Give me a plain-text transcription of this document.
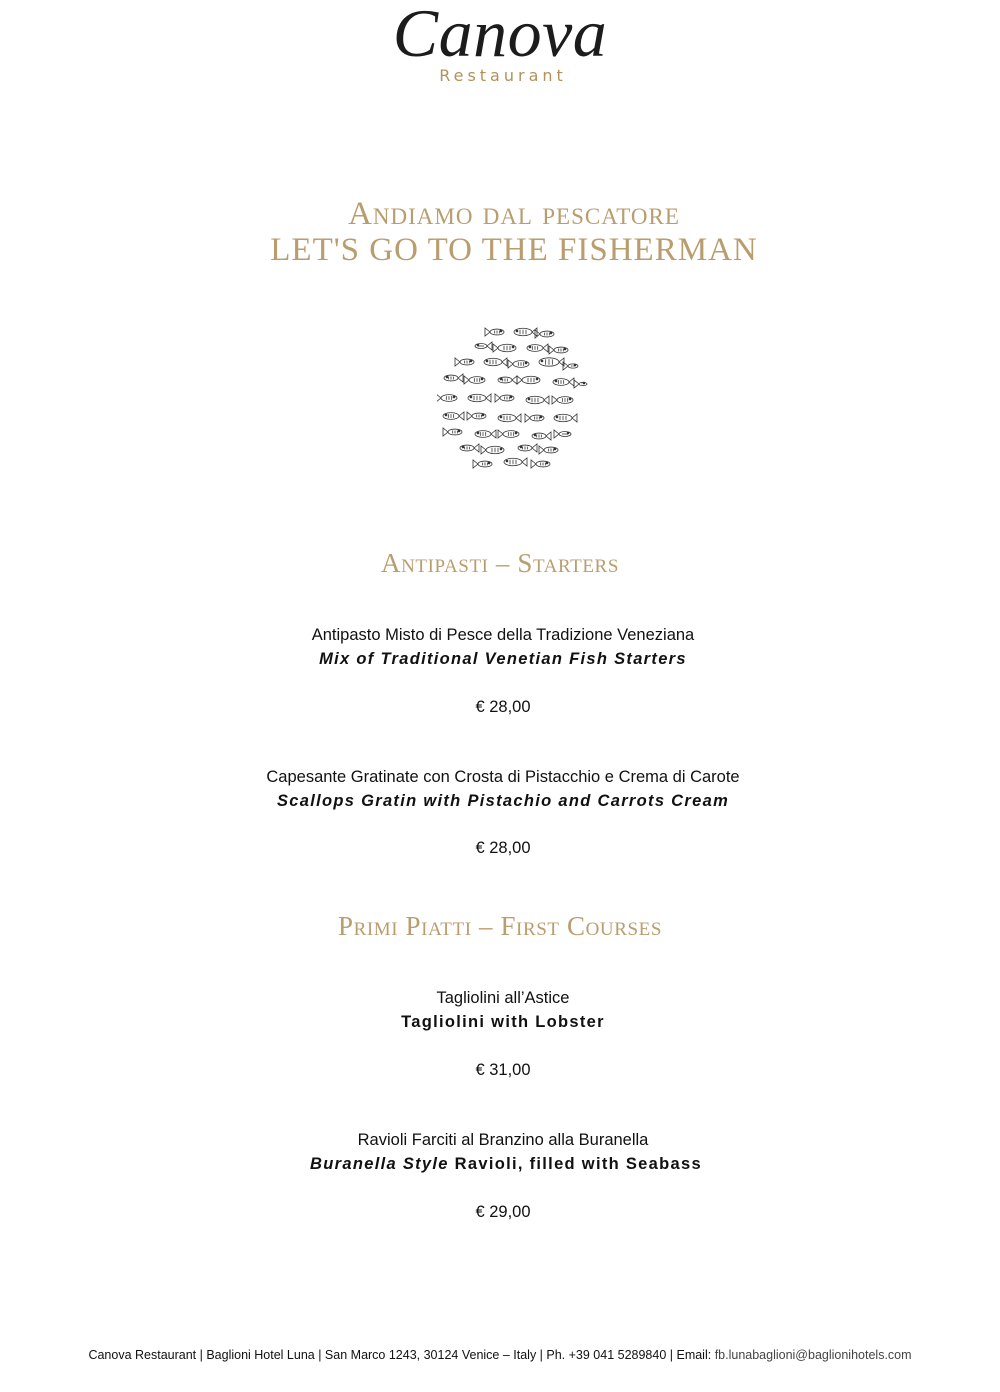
Canova
Restaurant
Andiamo dal pescatore
LET'S GO TO THE FISHERMAN
Antipasti – Starters
Antipasto Misto di Pesce della Tradizione Veneziana
Mix of Traditional Venetian Fish Starters
€ 28,00
Capesante Gratinate con Crosta di Pistacchio e Crema di Carote
Scallops Gratin with Pistachio and Carrots Cream
€ 28,00
Primi Piatti – First Courses
Tagliolini all’Astice
Tagliolini with Lobster
€ 31,00
Ravioli Farciti al Branzino alla Buranella
Buranella Style Ravioli, filled with Seabass
€ 29,00
Canova Restaurant | Baglioni Hotel Luna | San Marco 1243, 30124 Venice – Italy | Ph. +39 041 5289840 | Email: fb.lunabaglioni@baglionihotels.com
